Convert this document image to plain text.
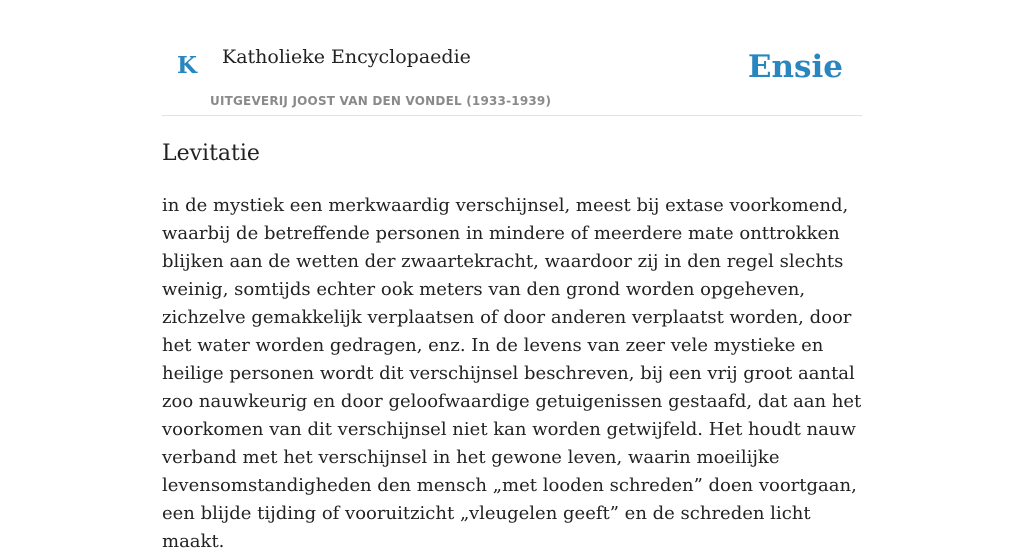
K Katholieke Encyclopaedie
UITGEVERIJ JOOST VAN DEN VONDEL (1933-1939)
Ensie
Levitatie

in de mystiek een merkwaardig verschijnsel, meest bij extase voorkomend, waarbij de betreffende personen in mindere of meerdere mate onttrokken blijken aan de wetten der zwaartekracht, waardoor zij in den regel slechts weinig, somtijds echter ook meters van den grond worden opgeheven, zichzelve gemakkelijk verplaatsen of door anderen verplaatst worden, door het water worden gedragen, enz. In de levens van zeer vele mystieke en heilige personen wordt dit verschijnsel beschreven, bij een vrij groot aantal zoo nauwkeurig en door geloofwaardige getuigenissen gestaafd, dat aan het voorkomen van dit verschijnsel niet kan worden getwijfeld. Het houdt nauw verband met het verschijnsel in het gewone leven, waarin moeilijke levensomstandigheden den mensch „met looden schreden” doen voortgaan, een blijde tijding of vooruitzicht „vleugelen geeft” en de schreden licht maakt.
